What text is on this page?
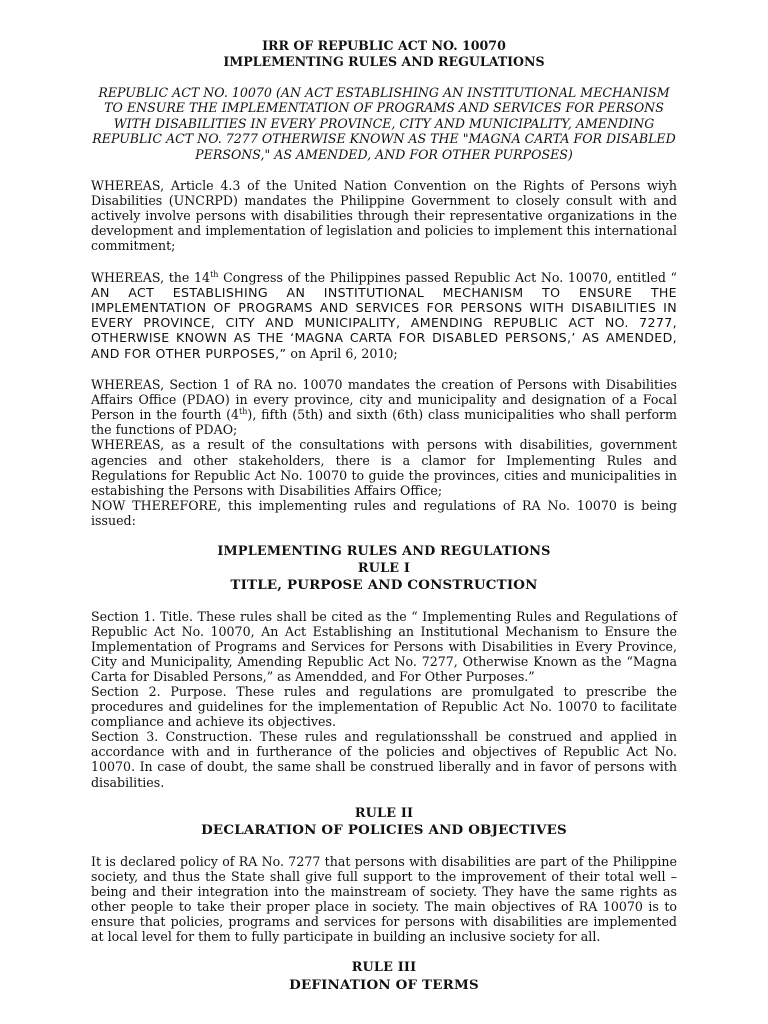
IRR OF REPUBLIC ACT NO. 10070
IMPLEMENTING RULES AND REGULATIONS
REPUBLIC ACT NO. 10070 (AN ACT ESTABLISHING AN INSTITUTIONAL MECHANISM TO ENSURE THE IMPLEMENTATION OF PROGRAMS AND SERVICES FOR PERSONS WITH DISABILITIES IN EVERY PROVINCE, CITY AND MUNICIPALITY, AMENDING REPUBLIC ACT NO. 7277 OTHERWISE KNOWN AS THE "MAGNA CARTA FOR DISABLED PERSONS," AS AMENDED, AND FOR OTHER PURPOSES)

WHEREAS, Article 4.3 of the United Nation Convention on the Rights of Persons wiyh Disabilities (UNCRPD) mandates the Philippine Government to closely consult with and actively involve persons with disabilities through their representative organizations in the development and implementation of legislation and policies to implement this international commitment;

WHEREAS, the 14th Congress of the Philippines passed Republic Act No. 10070, entitled “ AN ACT ESTABLISHING AN INSTITUTIONAL MECHANISM TO ENSURE THE IMPLEMENTATION OF PROGRAMS AND SERVICES FOR PERSONS WITH DISABILITIES IN EVERY PROVINCE, CITY AND MUNICIPALITY, AMENDING REPUBLIC ACT NO. 7277, OTHERWISE KNOWN AS THE ‘MAGNA CARTA FOR DISABLED PERSONS,’ AS AMENDED, AND FOR OTHER PURPOSES,” on April 6, 2010;

WHEREAS, Section 1 of RA no. 10070 mandates the creation of Persons with Disabilities Affairs Office (PDAO) in every province, city and municipality and designation of a Focal Person in the fourth (4th), fifth (5th) and sixth (6th) class municipalities who shall perform the functions of PDAO;

WHEREAS, as a result of the consultations with persons with disabilities, government agencies and other stakeholders, there is a clamor for Implementing Rules and Regulations for Republic Act No. 10070 to guide the provinces, cities and municipalities in estabishing the Persons with Disabilities Affairs Office;

NOW THEREFORE, this implementing rules and regulations of RA No. 10070 is being issued:

IMPLEMENTING RULES AND REGULATIONS
RULE I
TITLE, PURPOSE AND CONSTRUCTION

Section 1. Title. These rules shall be cited as the “ Implementing Rules and Regulations of Republic Act No. 10070, An Act Establishing an Institutional Mechanism to Ensure the Implementation of Programs and Services for Persons with Disabilities in Every Province, City and Municipality, Amending Republic Act No. 7277, Otherwise Known as the “Magna Carta for Disabled Persons,” as Amendded, and For Other Purposes.”

Section 2. Purpose. These rules and regulations are promulgated to prescribe the procedures and guidelines for the implementation of Republic Act No. 10070 to facilitate compliance and achieve its objectives.

Section 3. Construction. These rules and regulationsshall be construed and applied in accordance with and in furtherance of the policies and objectives of Republic Act No. 10070. In case of doubt, the same shall be construed liberally and in favor of persons with disabilities.

RULE II
DECLARATION OF POLICIES AND OBJECTIVES

It is declared policy of RA No. 7277 that persons with disabilities are part of the Philippine society, and thus the State shall give full support to the improvement of their total well – being and their integration into the mainstream of society. They have the same rights as other people to take their proper place in society. The main objectives of RA 10070 is to ensure that policies, programs and services for persons with disabilities are implemented at local level for them to fully participate in building an inclusive society for all.

RULE III
DEFINATION OF TERMS
